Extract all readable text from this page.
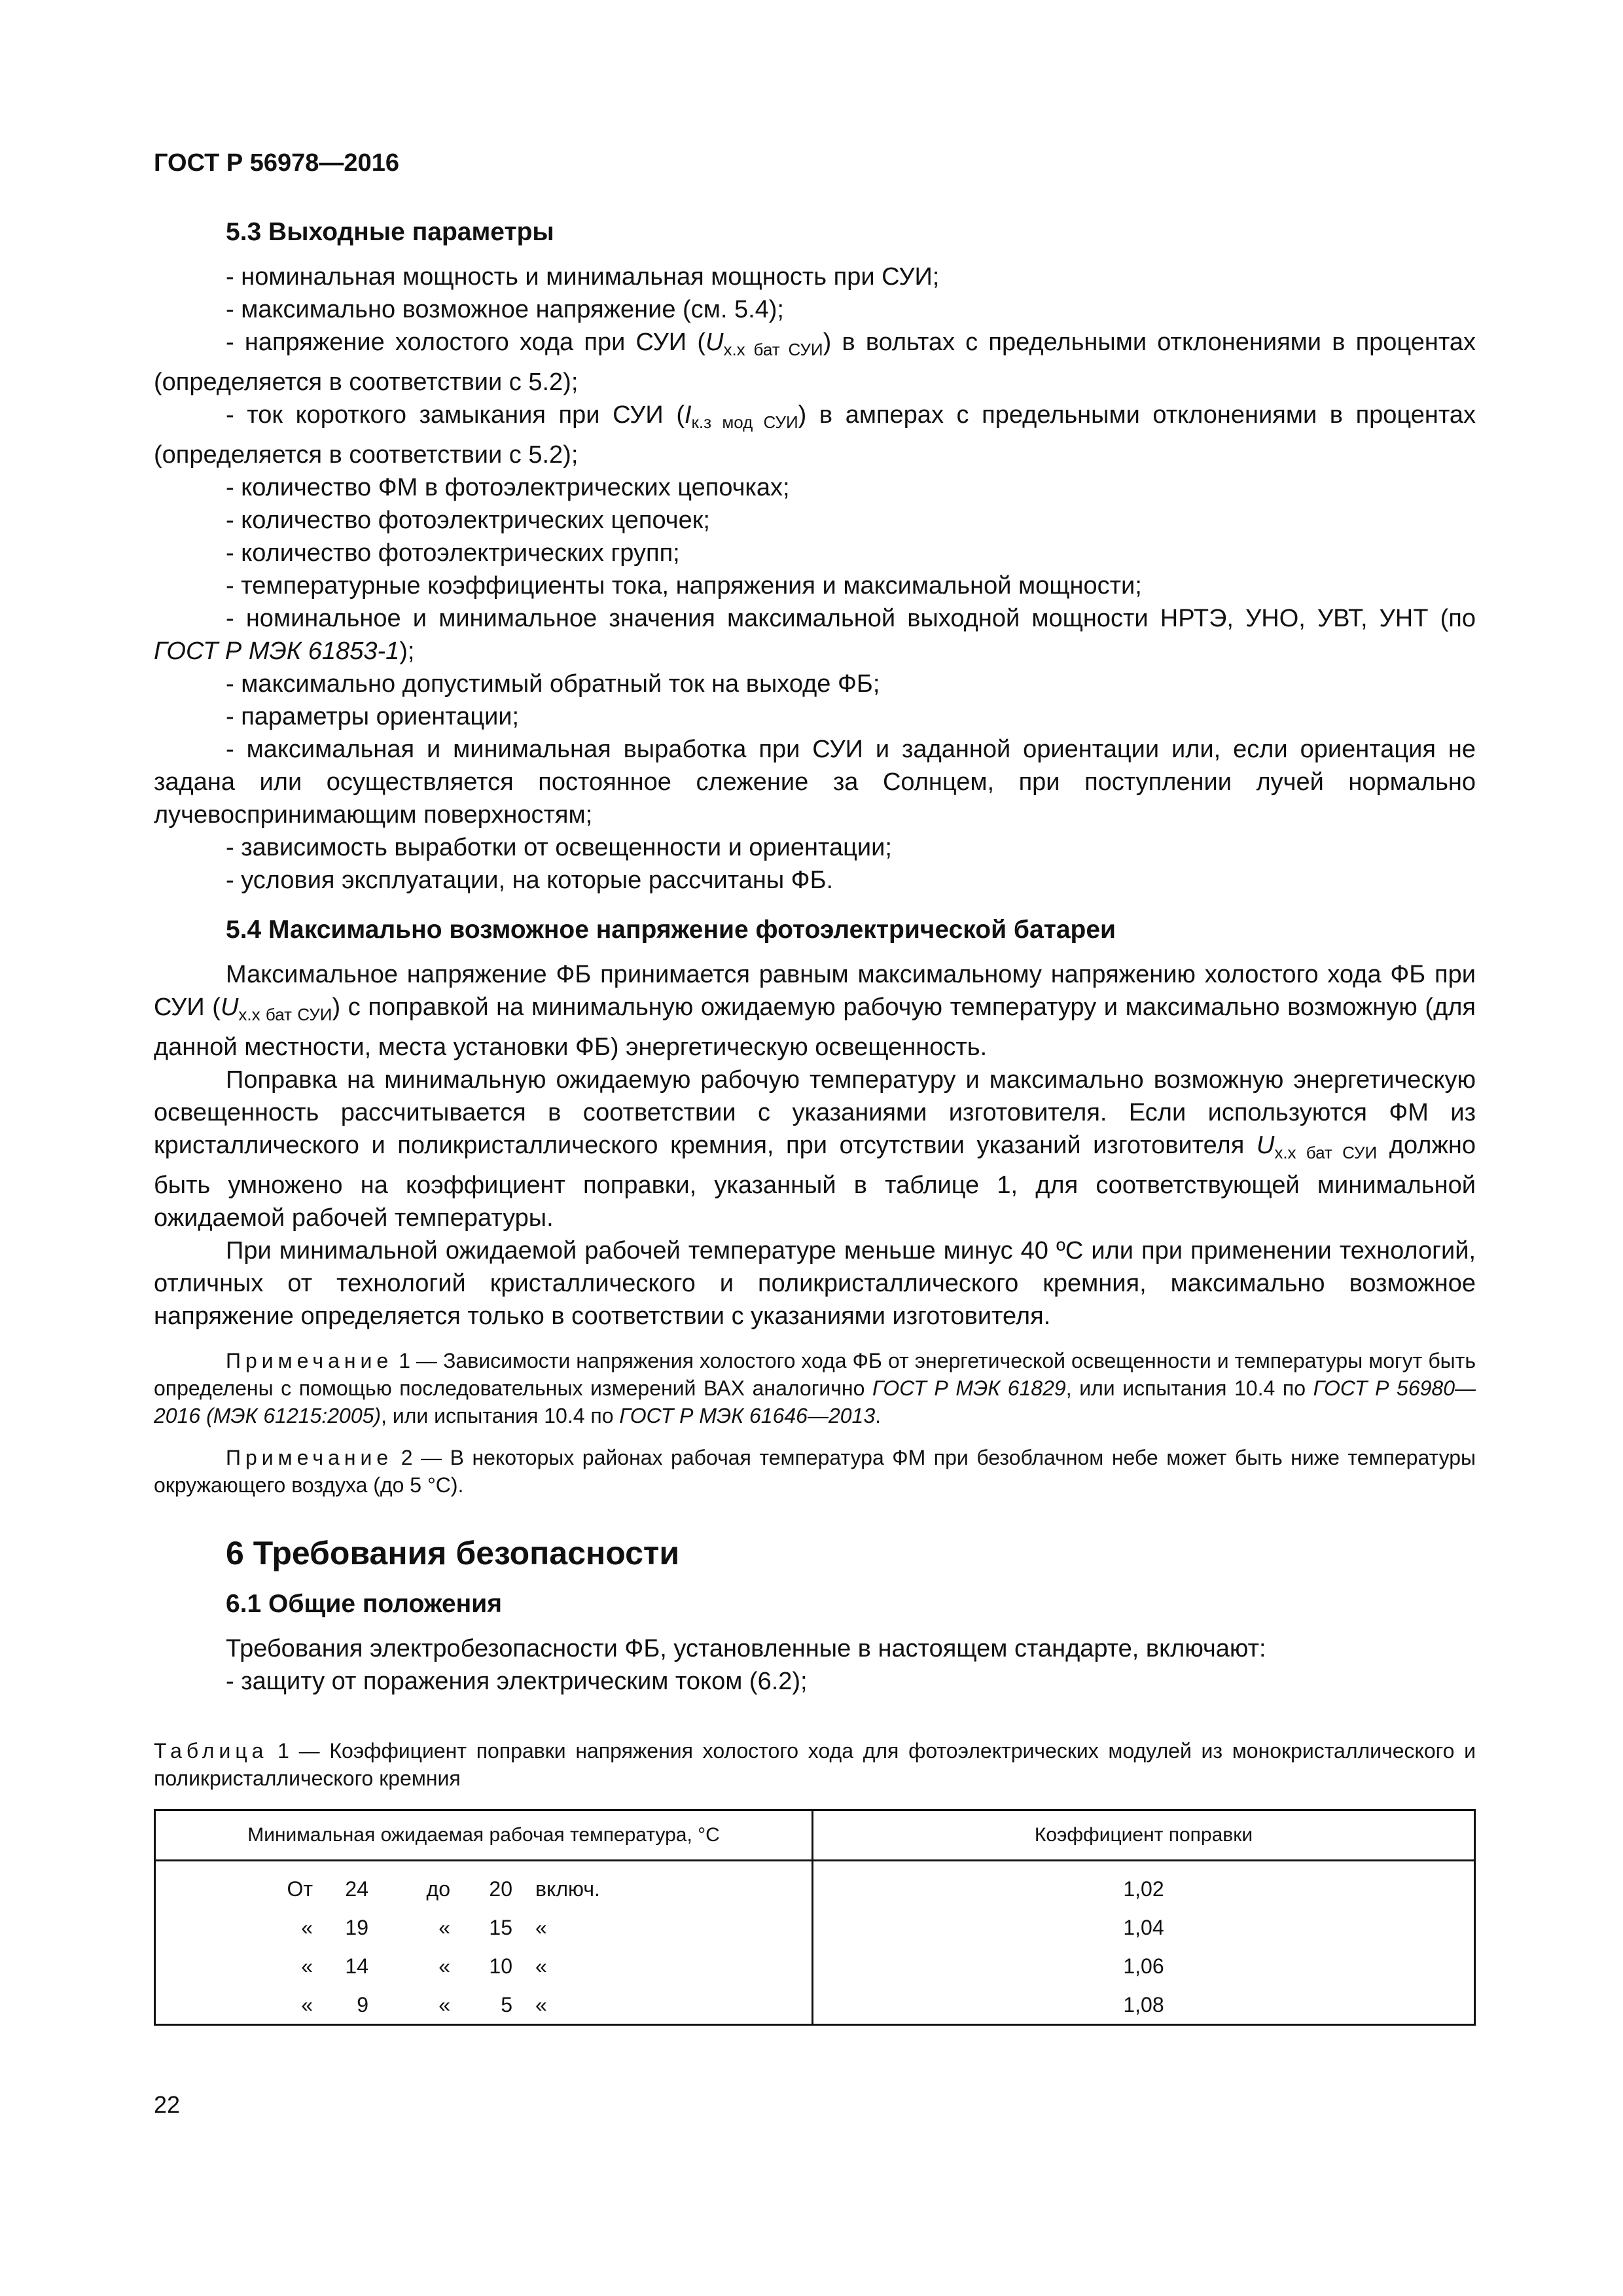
ГОСТ Р 56978—2016
5.3 Выходные параметры

- номинальная мощность и минимальная мощность при СУИ;

- максимально возможное напряжение (см. 5.4);

- напряжение холостого хода при СУИ $(U_{х.х бат СУИ})$ в вольтах с предельными отклонениями в процентах (определяется в соответствии с 5.2);

- ток короткого замыкания при СУИ $(I_{к.з мод СУИ})$ в амперах с предельными отклонениями в процентах (определяется в соответствии с 5.2);

- количество ФМ в фотоэлектрических цепочках;

- количество фотоэлектрических цепочек;

- количество фотоэлектрических групп;

- температурные коэффициенты тока, напряжения и максимальной мощности;

- номинальное и минимальное значения максимальной выходной мощности НРТЭ, УНО, УВТ, УНТ (по ГОСТ Р МЭК 61853-1);

- максимально допустимый обратный ток на выходе ФБ;

- параметры ориентации;

- максимальная и минимальная выработка при СУИ и заданной ориентации или, если ориентация не задана или осуществляется постоянное слежение за Солнцем, при поступлении лучей нормально лучевоспринимающим поверхностям;

- зависимость выработки от освещенности и ориентации;

- условия эксплуатации, на которые рассчитаны ФБ.

5.4 Максимально возможное напряжение фотоэлектрической батареи

Максимальное напряжение ФБ принимается равным максимальному напряжению холостого хода ФБ при СУИ $(U_{х.х бат СУИ})$ с поправкой на минимальную ожидаемую рабочую температуру и максимально возможную (для данной местности, места установки ФБ) энергетическую освещенность.

Поправка на минимальную ожидаемую рабочую температуру и максимально возможную энергетическую освещенность рассчитывается в соответствии с указаниями изготовителя. Если используются ФМ из кристаллического и поликристаллического кремния, при отсутствии указаний изготовителя $U_{х.х бат СУИ}$ должно быть умножено на коэффициент поправки, указанный в таблице 1, для соответствующей минимальной ожидаемой рабочей температуры.

При минимальной ожидаемой рабочей температуре меньше минус 40 ºС или при применении технологий, отличных от технологий кристаллического и поликристаллического кремния, максимально возможное напряжение определяется только в соответствии с указаниями изготовителя.

Примечание 1 — Зависимости напряжения холостого хода ФБ от энергетической освещенности и температуры могут быть определены с помощью последовательных измерений ВАХ аналогично ГОСТ Р МЭК 61829, или испытания 10.4 по ГОСТ Р 56980—2016 (МЭК 61215:2005), или испытания 10.4 по ГОСТ Р МЭК 61646—2013.

Примечание 2 — В некоторых районах рабочая температура ФМ при безоблачном небе может быть ниже температуры окружающего воздуха (до 5 °С).

6 Требования безопасности
6.1 Общие положения

Требования электробезопасности ФБ, установленные в настоящем стандарте, включают:

- защиту от поражения электрическим током (6.2);

Таблица 1 — Коэффициент поправки напряжения холостого хода для фотоэлектрических модулей из монокристаллического и поликристаллического кремния

Минимальная ожидаемая рабочая температура, °С	Коэффициент поправки

От 24 до 20 включ.	1,02

« 19 « 15 «	1,04

« 14 « 10 «	1,06

« 9 « 5 «	1,08
22
